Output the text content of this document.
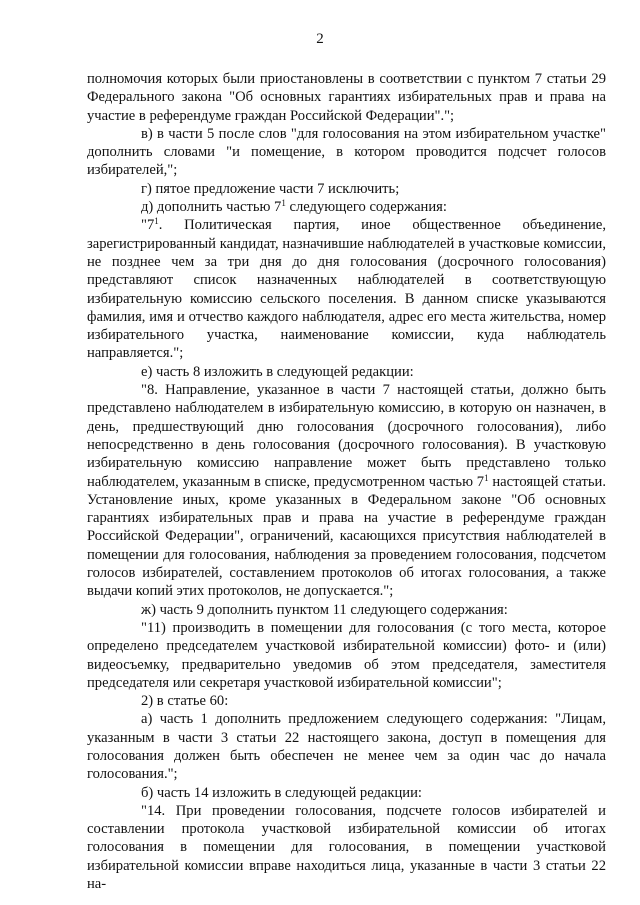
2

полномочия которых были приостановлены в соответствии с пунктом 7 статьи 29 Федерального закона "Об основных гарантиях избирательных прав и права на участие в референдуме граждан Российской Федерации".";

в) в части 5 после слов "для голосования на этом избирательном участке" дополнить словами "и помещение, в котором проводится подсчет голосов избирателей,";

г) пятое предложение части 7 исключить;

д) дополнить частью $7^1$ следующего содержания:

"$7^1$. Политическая партия, иное общественное объединение, зарегистрированный кандидат, назначившие наблюдателей в участковые комиссии, не позднее чем за три дня до дня голосования (досрочного голосования) представляют список назначенных наблюдателей в соответствующую избирательную комиссию сельского поселения. В данном списке указываются фамилия, имя и отчество каждого наблюдателя, адрес его места жительства, номер избирательного участка, наименование комиссии, куда наблюдатель направляется.";

е) часть 8 изложить в следующей редакции:

"8. Направление, указанное в части 7 настоящей статьи, должно быть представлено наблюдателем в избирательную комиссию, в которую он назначен, в день, предшествующий дню голосования (досрочного голосования), либо непосредственно в день голосования (досрочного голосования). В участковую избирательную комиссию направление может быть представлено только наблюдателем, указанным в списке, предусмотренном частью $7^1$ настоящей статьи. Установление иных, кроме указанных в Федеральном законе "Об основных гарантиях избирательных прав и права на участие в референдуме граждан Российской Федерации", ограничений, касающихся присутствия наблюдателей в помещении для голосования, наблюдения за проведением голосования, подсчетом голосов избирателей, составлением протоколов об итогах голосования, а также выдачи копий этих протоколов, не допускается.";

ж) часть 9 дополнить пунктом 11 следующего содержания:

"11) производить в помещении для голосования (с того места, которое определено председателем участковой избирательной комиссии) фото- и (или) видеосъемку, предварительно уведомив об этом председателя, заместителя председателя или секретаря участковой избирательной комиссии";

2) в статье 60:

а) часть 1 дополнить предложением следующего содержания: "Лицам, указанным в части 3 статьи 22 настоящего закона, доступ в помещения для голосования должен быть обеспечен не менее чем за один час до начала голосования.";

б) часть 14 изложить в следующей редакции:

"14. При проведении голосования, подсчете голосов избирателей и составлении протокола участковой избирательной комиссии об итогах голосования в помещении для голосования, в помещении участковой избирательной комиссии вправе находиться лица, указанные в части 3 статьи 22 на-
